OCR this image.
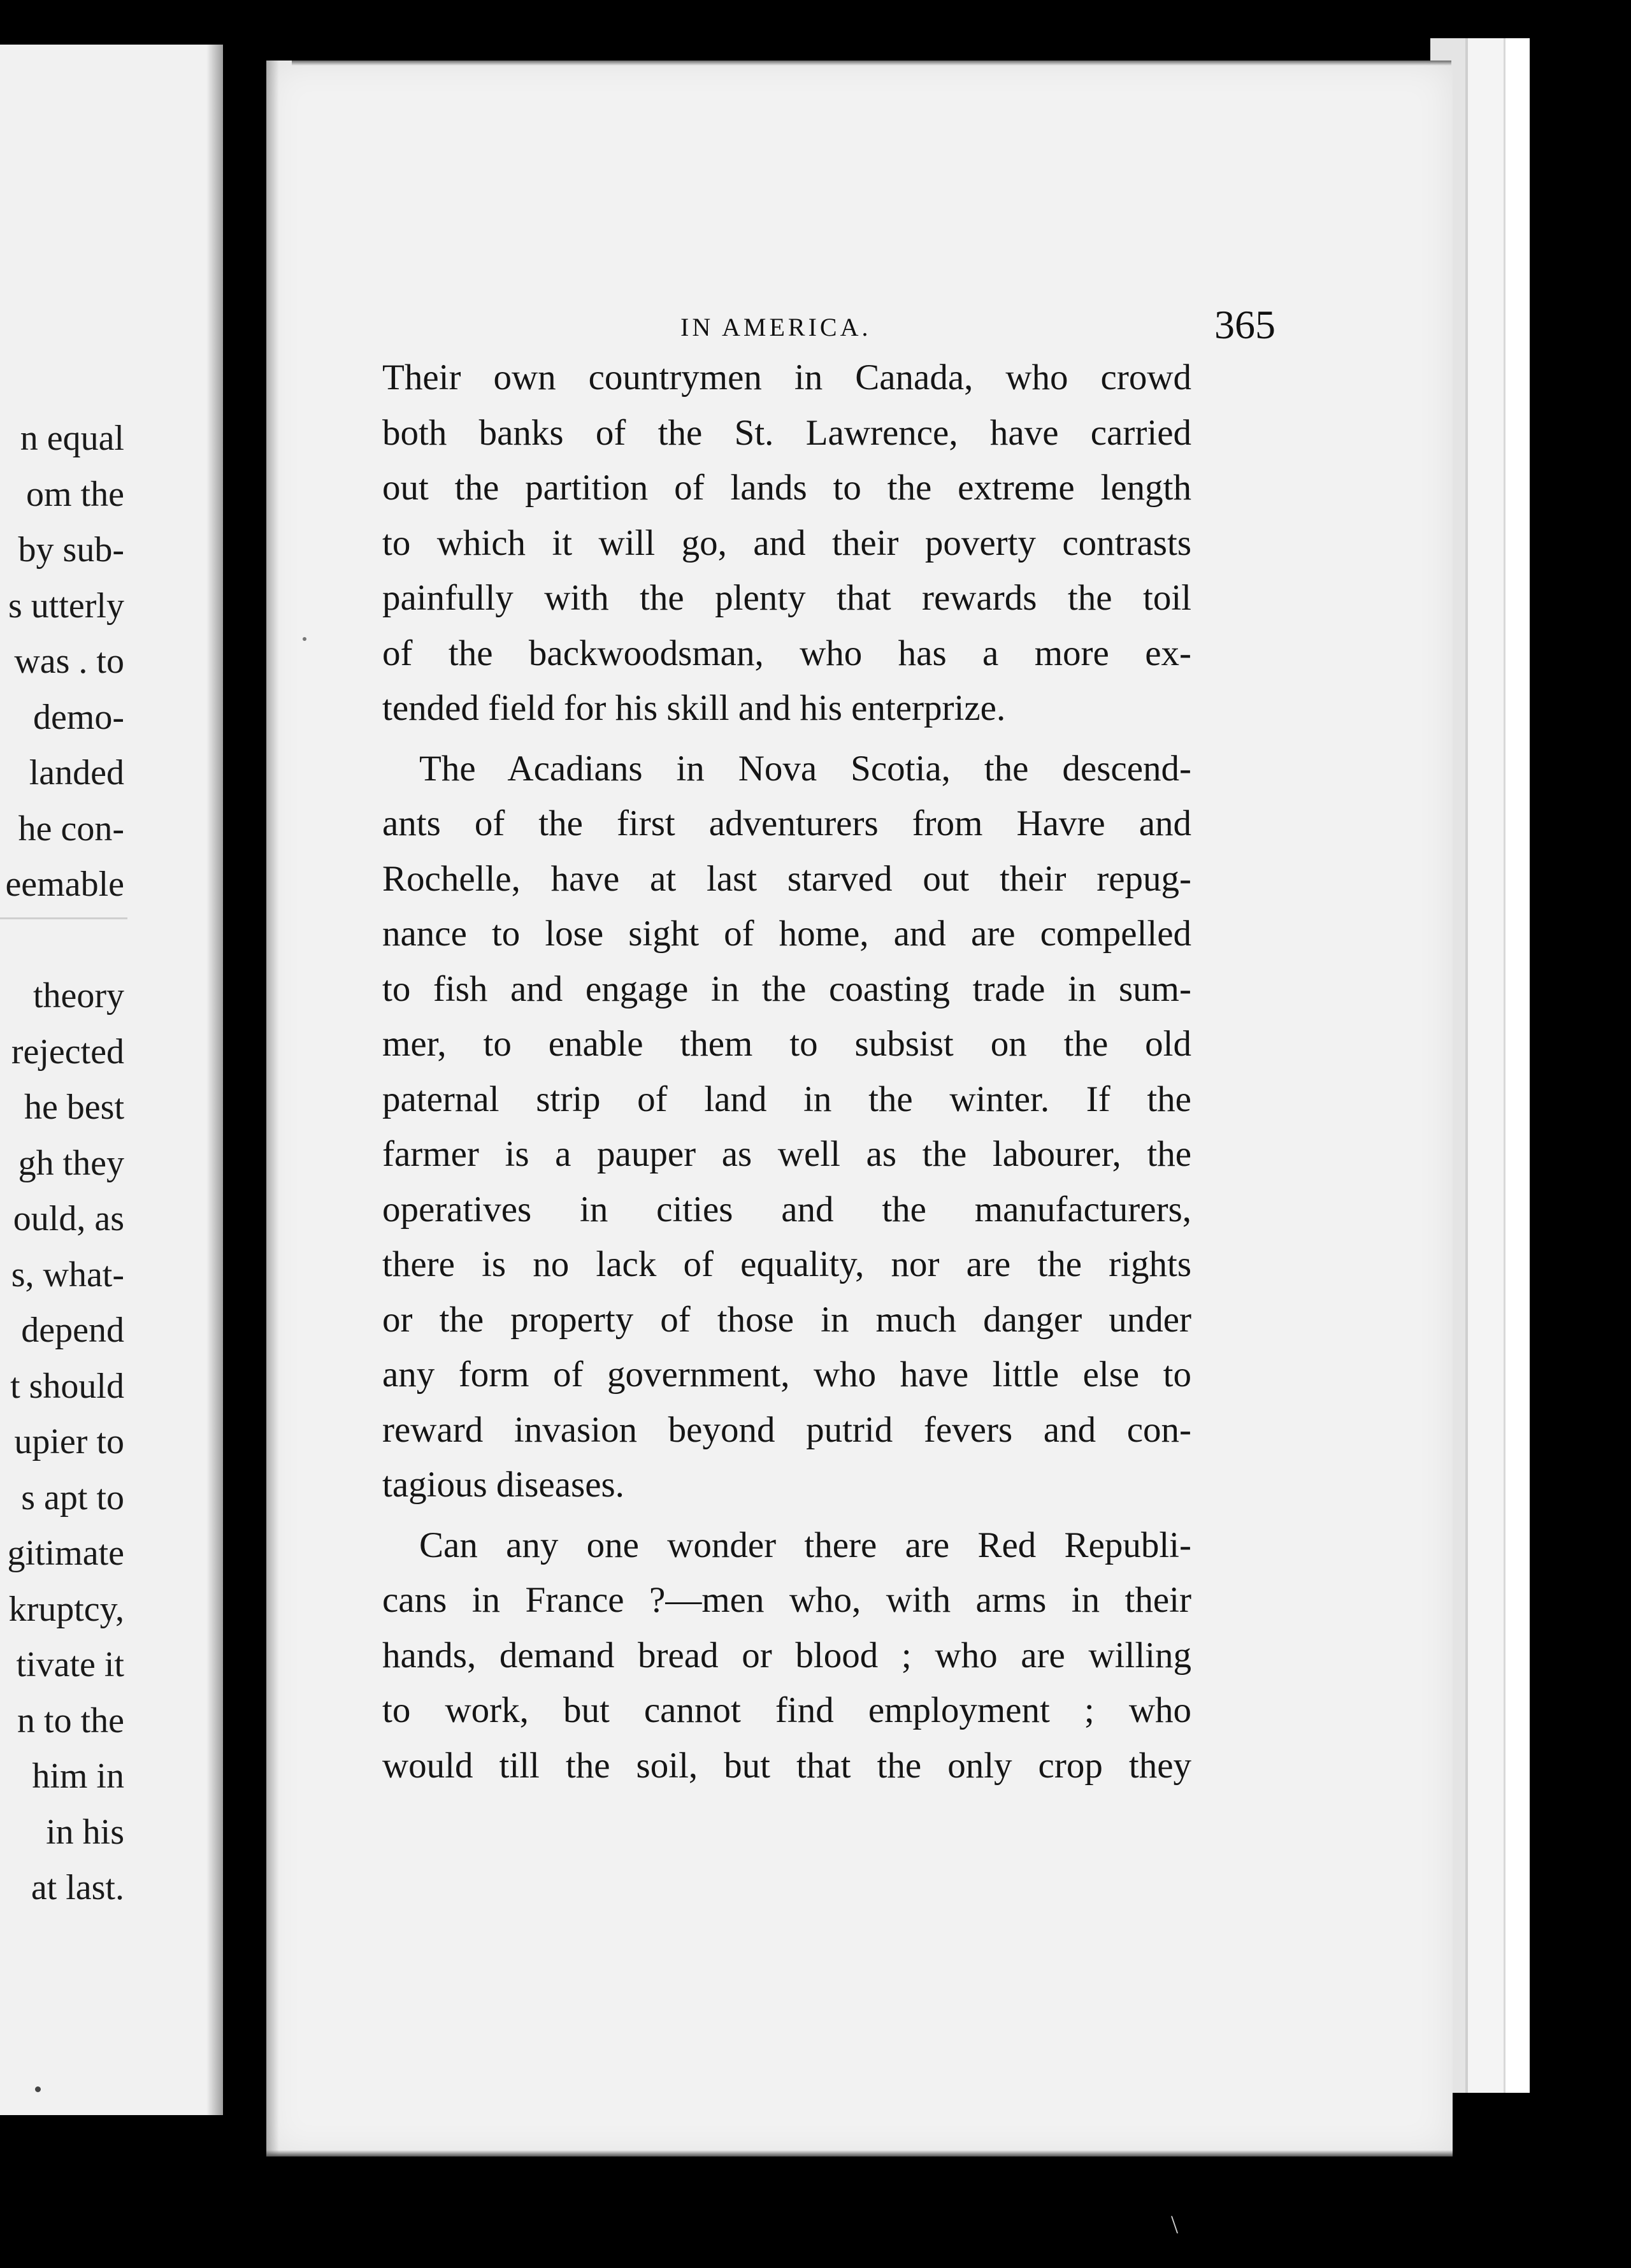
n equal
om the
by sub-
s utterly
was . to
demo-
landed
he con-
eemable
theory
rejected
he best
gh they
ould, as
s, what-
depend
t should
upier to
s apt to
gitimate
kruptcy,
tivate it
n to the
him in
in his
at last.
IN AMERICA.	365
Their own countrymen in Canada, who crowd
both banks of the St. Lawrence, have carried
out the partition of lands to the extreme length
to which it will go, and their poverty contrasts
painfully with the plenty that rewards the toil
of the backwoodsman, who has a more ex-
tended field for his skill and his enterprize.
The Acadians in Nova Scotia, the descend-
ants of the first adventurers from Havre and
Rochelle, have at last starved out their repug-
nance to lose sight of home, and are compelled
to fish and engage in the coasting trade in sum-
mer, to enable them to subsist on the old
paternal strip of land in the winter. If the
farmer is a pauper as well as the labourer, the
operatives in cities and the manufacturers,
there is no lack of equality, nor are the rights
or the property of those in much danger under
any form of government, who have little else to
reward invasion beyond putrid fevers and con-
tagious diseases.
Can any one wonder there are Red Republi-
cans in France ?—men who, with arms in their
hands, demand bread or blood ; who are willing
to work, but cannot find employment ; who
would till the soil, but that the only crop they
\
